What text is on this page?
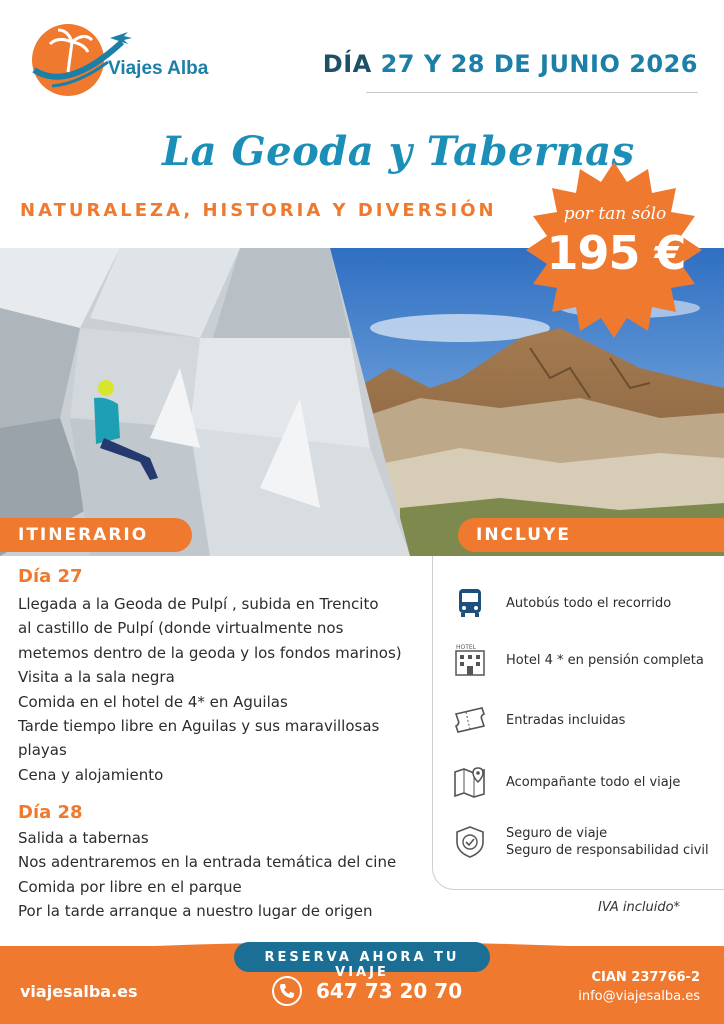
Viajes Alba	DÍA 27 Y 28 DE JUNIO 2026
La Geoda y Tabernas
NATURALEZA, HISTORIA Y DIVERSIÓN	por tan sólo
195 €
ITINERARIO	INCLUYE
Día 27
Llegada a la Geoda de Pulpí , subida en Trencito
al castillo de Pulpí (donde virtualmente nos
metemos dentro de la geoda y los fondos marinos)
Visita a la sala negra
Comida en el hotel de 4* en Aguilas
Tarde tiempo libre en Aguilas y sus maravillosas
playas
Cena y alojamiento
Día 28
Salida a tabernas
Nos adentraremos en la entrada temática del cine
Comida por libre en el parque
Por la tarde arranque a nuestro lugar de origen
Autobús todo el recorrido
HOTEL
Hotel 4 * en pensión completa
Entradas incluidas
Acompañante todo el viaje
Seguro de viaje
Seguro de responsabilidad civil
IVA incluido*
RESERVA AHORA TU VIAJE
viajesalba.es	647 73 20 70
CIAN 237766-2
info@viajesalba.es
